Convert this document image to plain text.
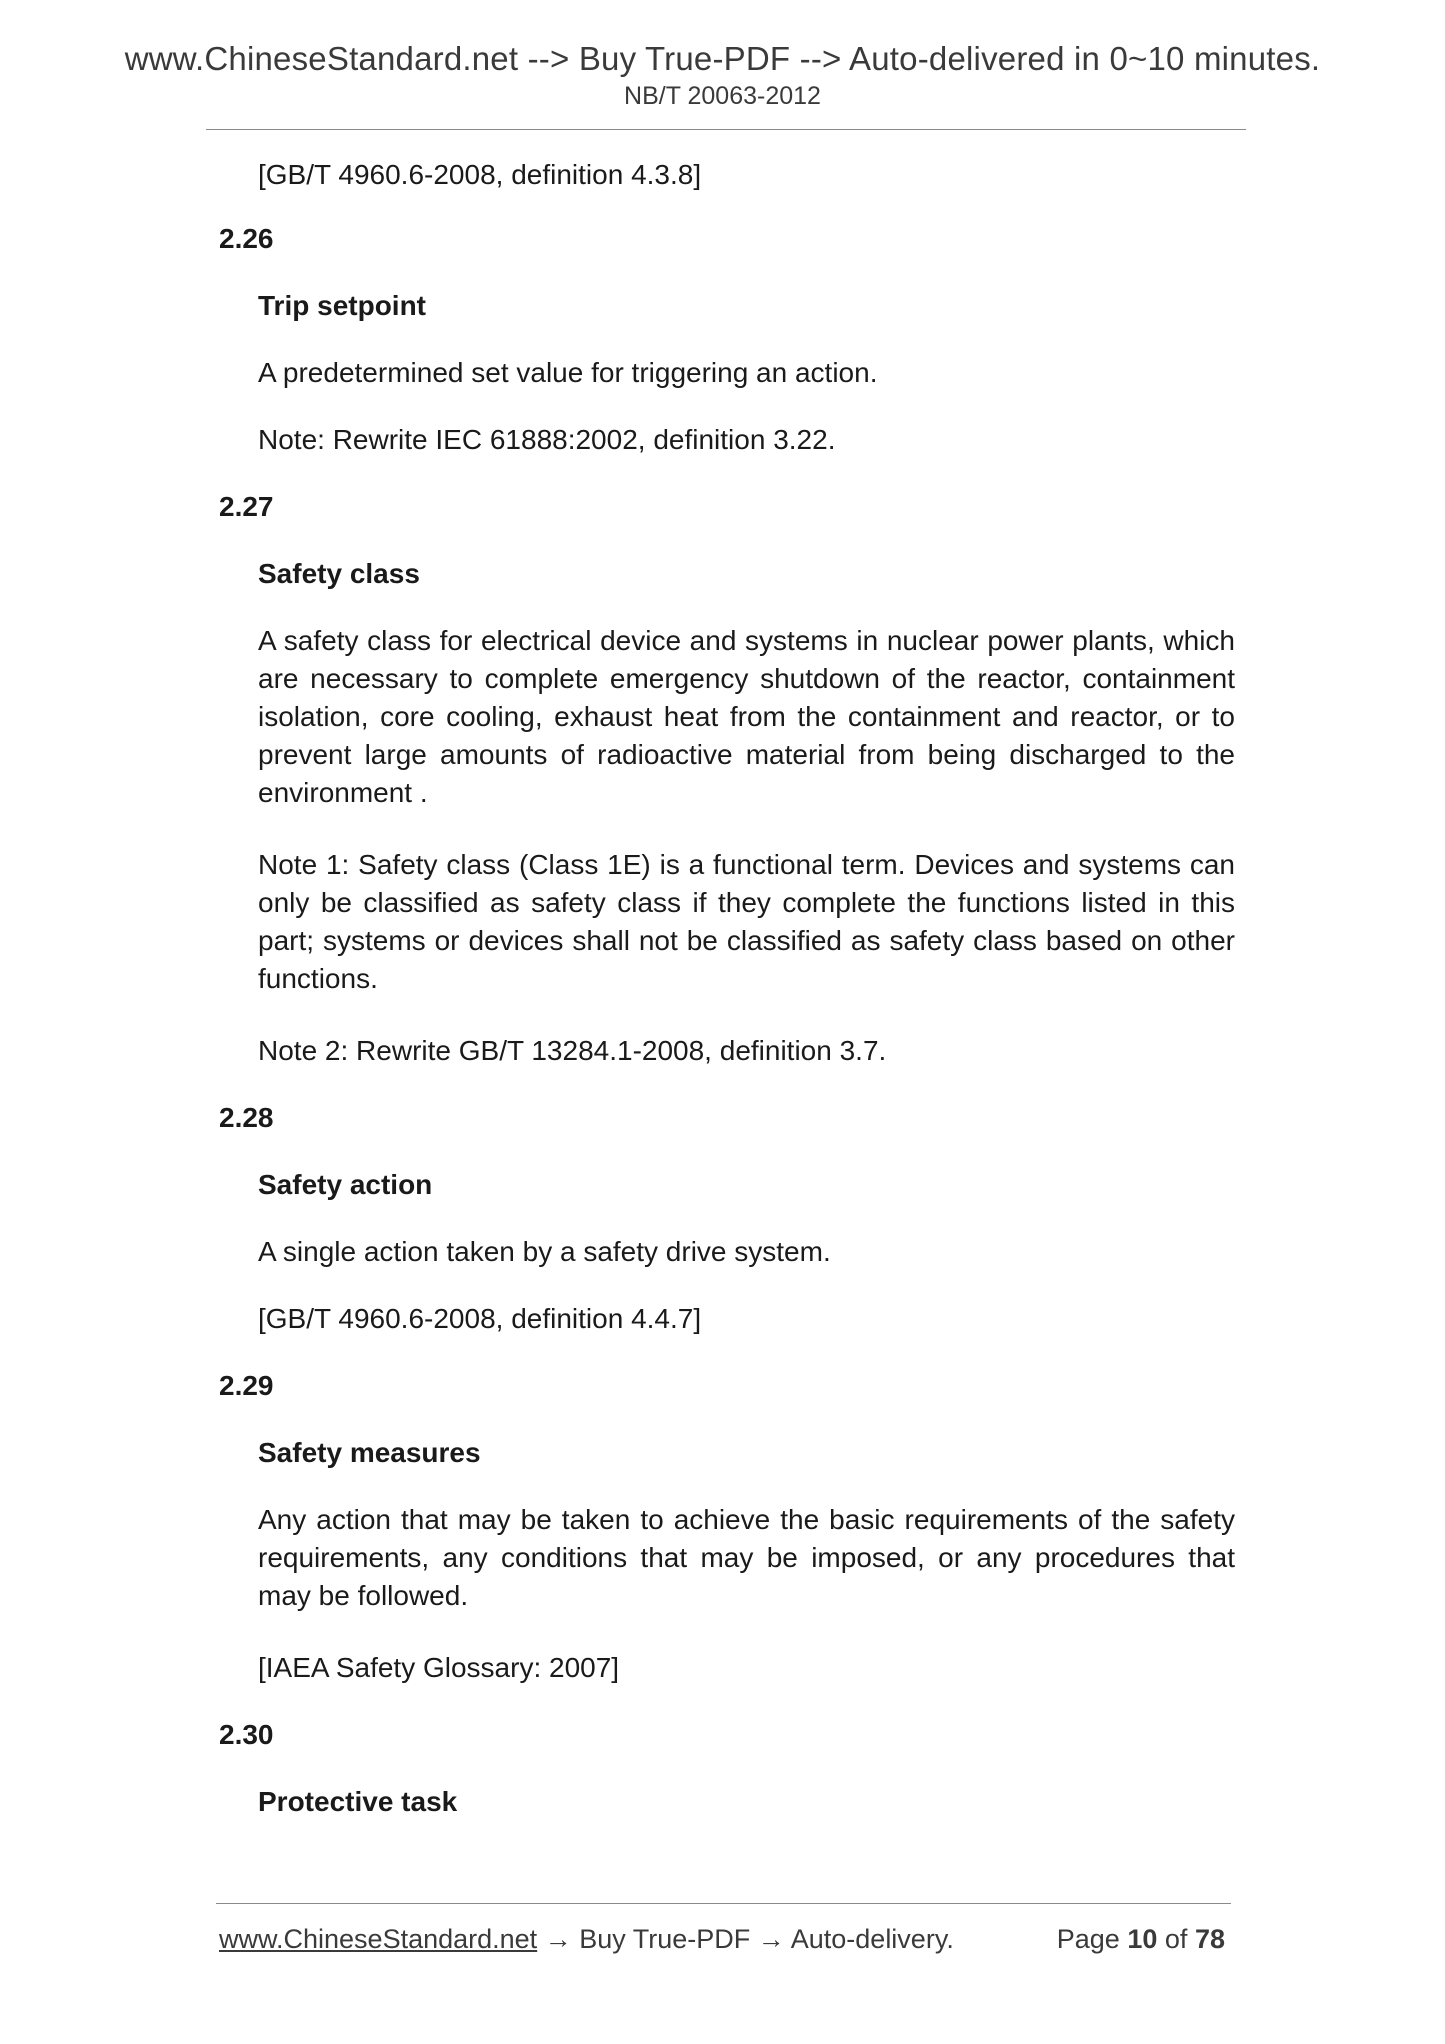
www.ChineseStandard.net --> Buy True-PDF --> Auto-delivered in 0~10 minutes.
NB/T 20063-2012
[GB/T 4960.6-2008, definition 4.3.8]
2.26
Trip setpoint
A predetermined set value for triggering an action.
Note: Rewrite IEC 61888:2002, definition 3.22.
2.27
Safety class
A safety class for electrical device and systems in nuclear power plants, which are necessary to complete emergency shutdown of the reactor, containment isolation, core cooling, exhaust heat from the containment and reactor, or to prevent large amounts of radioactive material from being discharged to the environment .
Note 1: Safety class (Class 1E) is a functional term. Devices and systems can only be classified as safety class if they complete the functions listed in this part; systems or devices shall not be classified as safety class based on other functions.
Note 2: Rewrite GB/T 13284.1-2008, definition 3.7.
2.28
Safety action
A single action taken by a safety drive system.
[GB/T 4960.6-2008, definition 4.4.7]
2.29
Safety measures
Any action that may be taken to achieve the basic requirements of the safety requirements, any conditions that may be imposed, or any procedures that may be followed.
[IAEA Safety Glossary: 2007]
2.30
Protective task
www.ChineseStandard.net → Buy True-PDF → Auto-delivery.	Page 10 of 78
